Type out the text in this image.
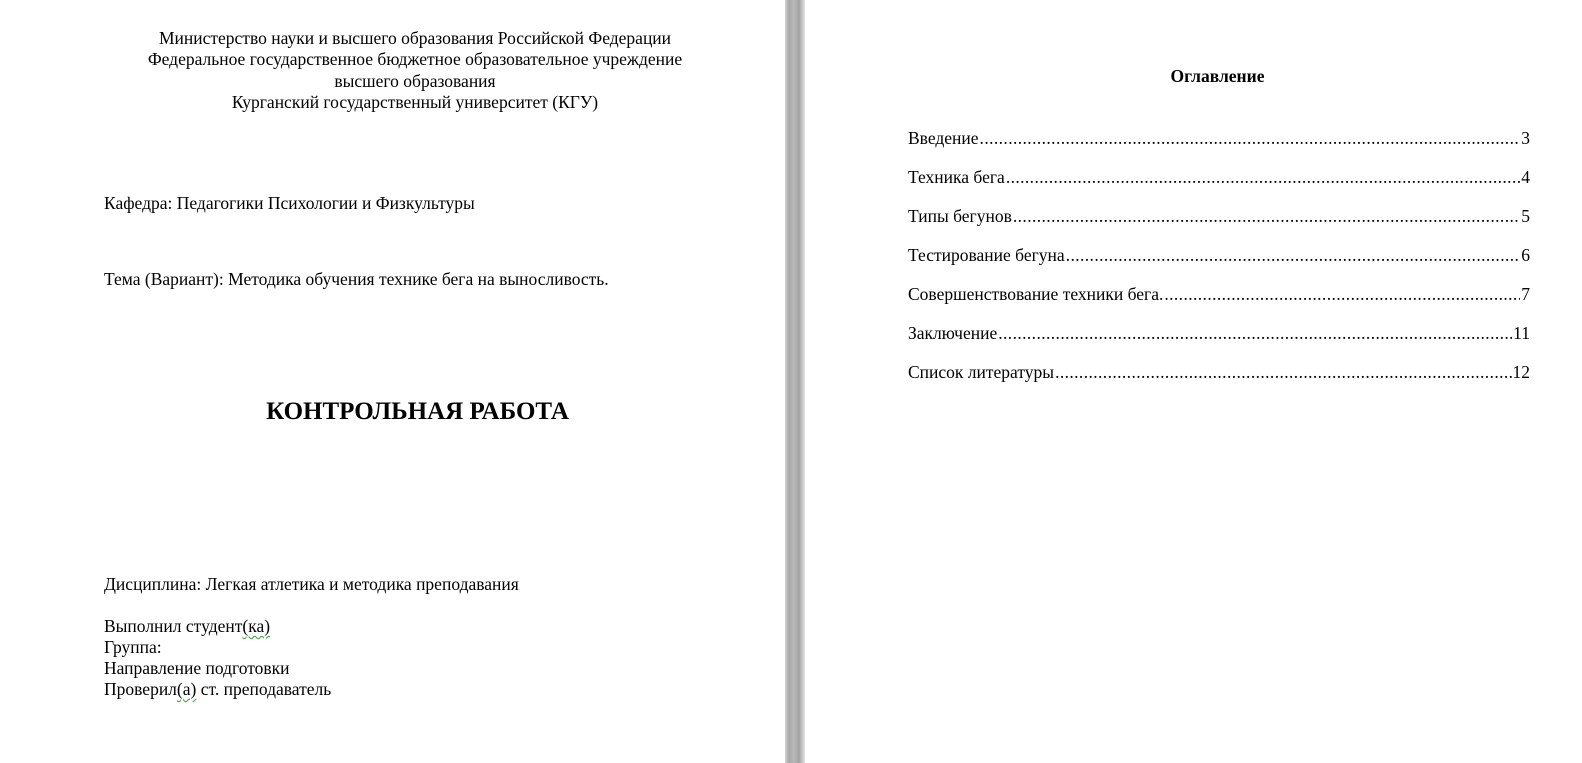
Министерство науки и высшего образования Российской Федерации
Федеральное государственное бюджетное образовательное учреждение
высшего образования
Курганский государственный университет (КГУ)
Кафедра: Педагогики Психологии и Физкультуры
Тема (Вариант): Методика обучения технике бега на выносливость.
КОНТРОЛЬНАЯ РАБОТА
Дисциплина: Легкая атлетика и методика преподавания
Выполнил студент(ка)
Группа:
Направление подготовки
Проверил(а) ст. преподаватель
Оглавление
Введение .....	3
Техника бега .....	4
Типы бегунов .....	5
Тестирование бегуна .....	6
Совершенствование техники бега. .....	7
Заключение .....	11
Список литературы .....	12
